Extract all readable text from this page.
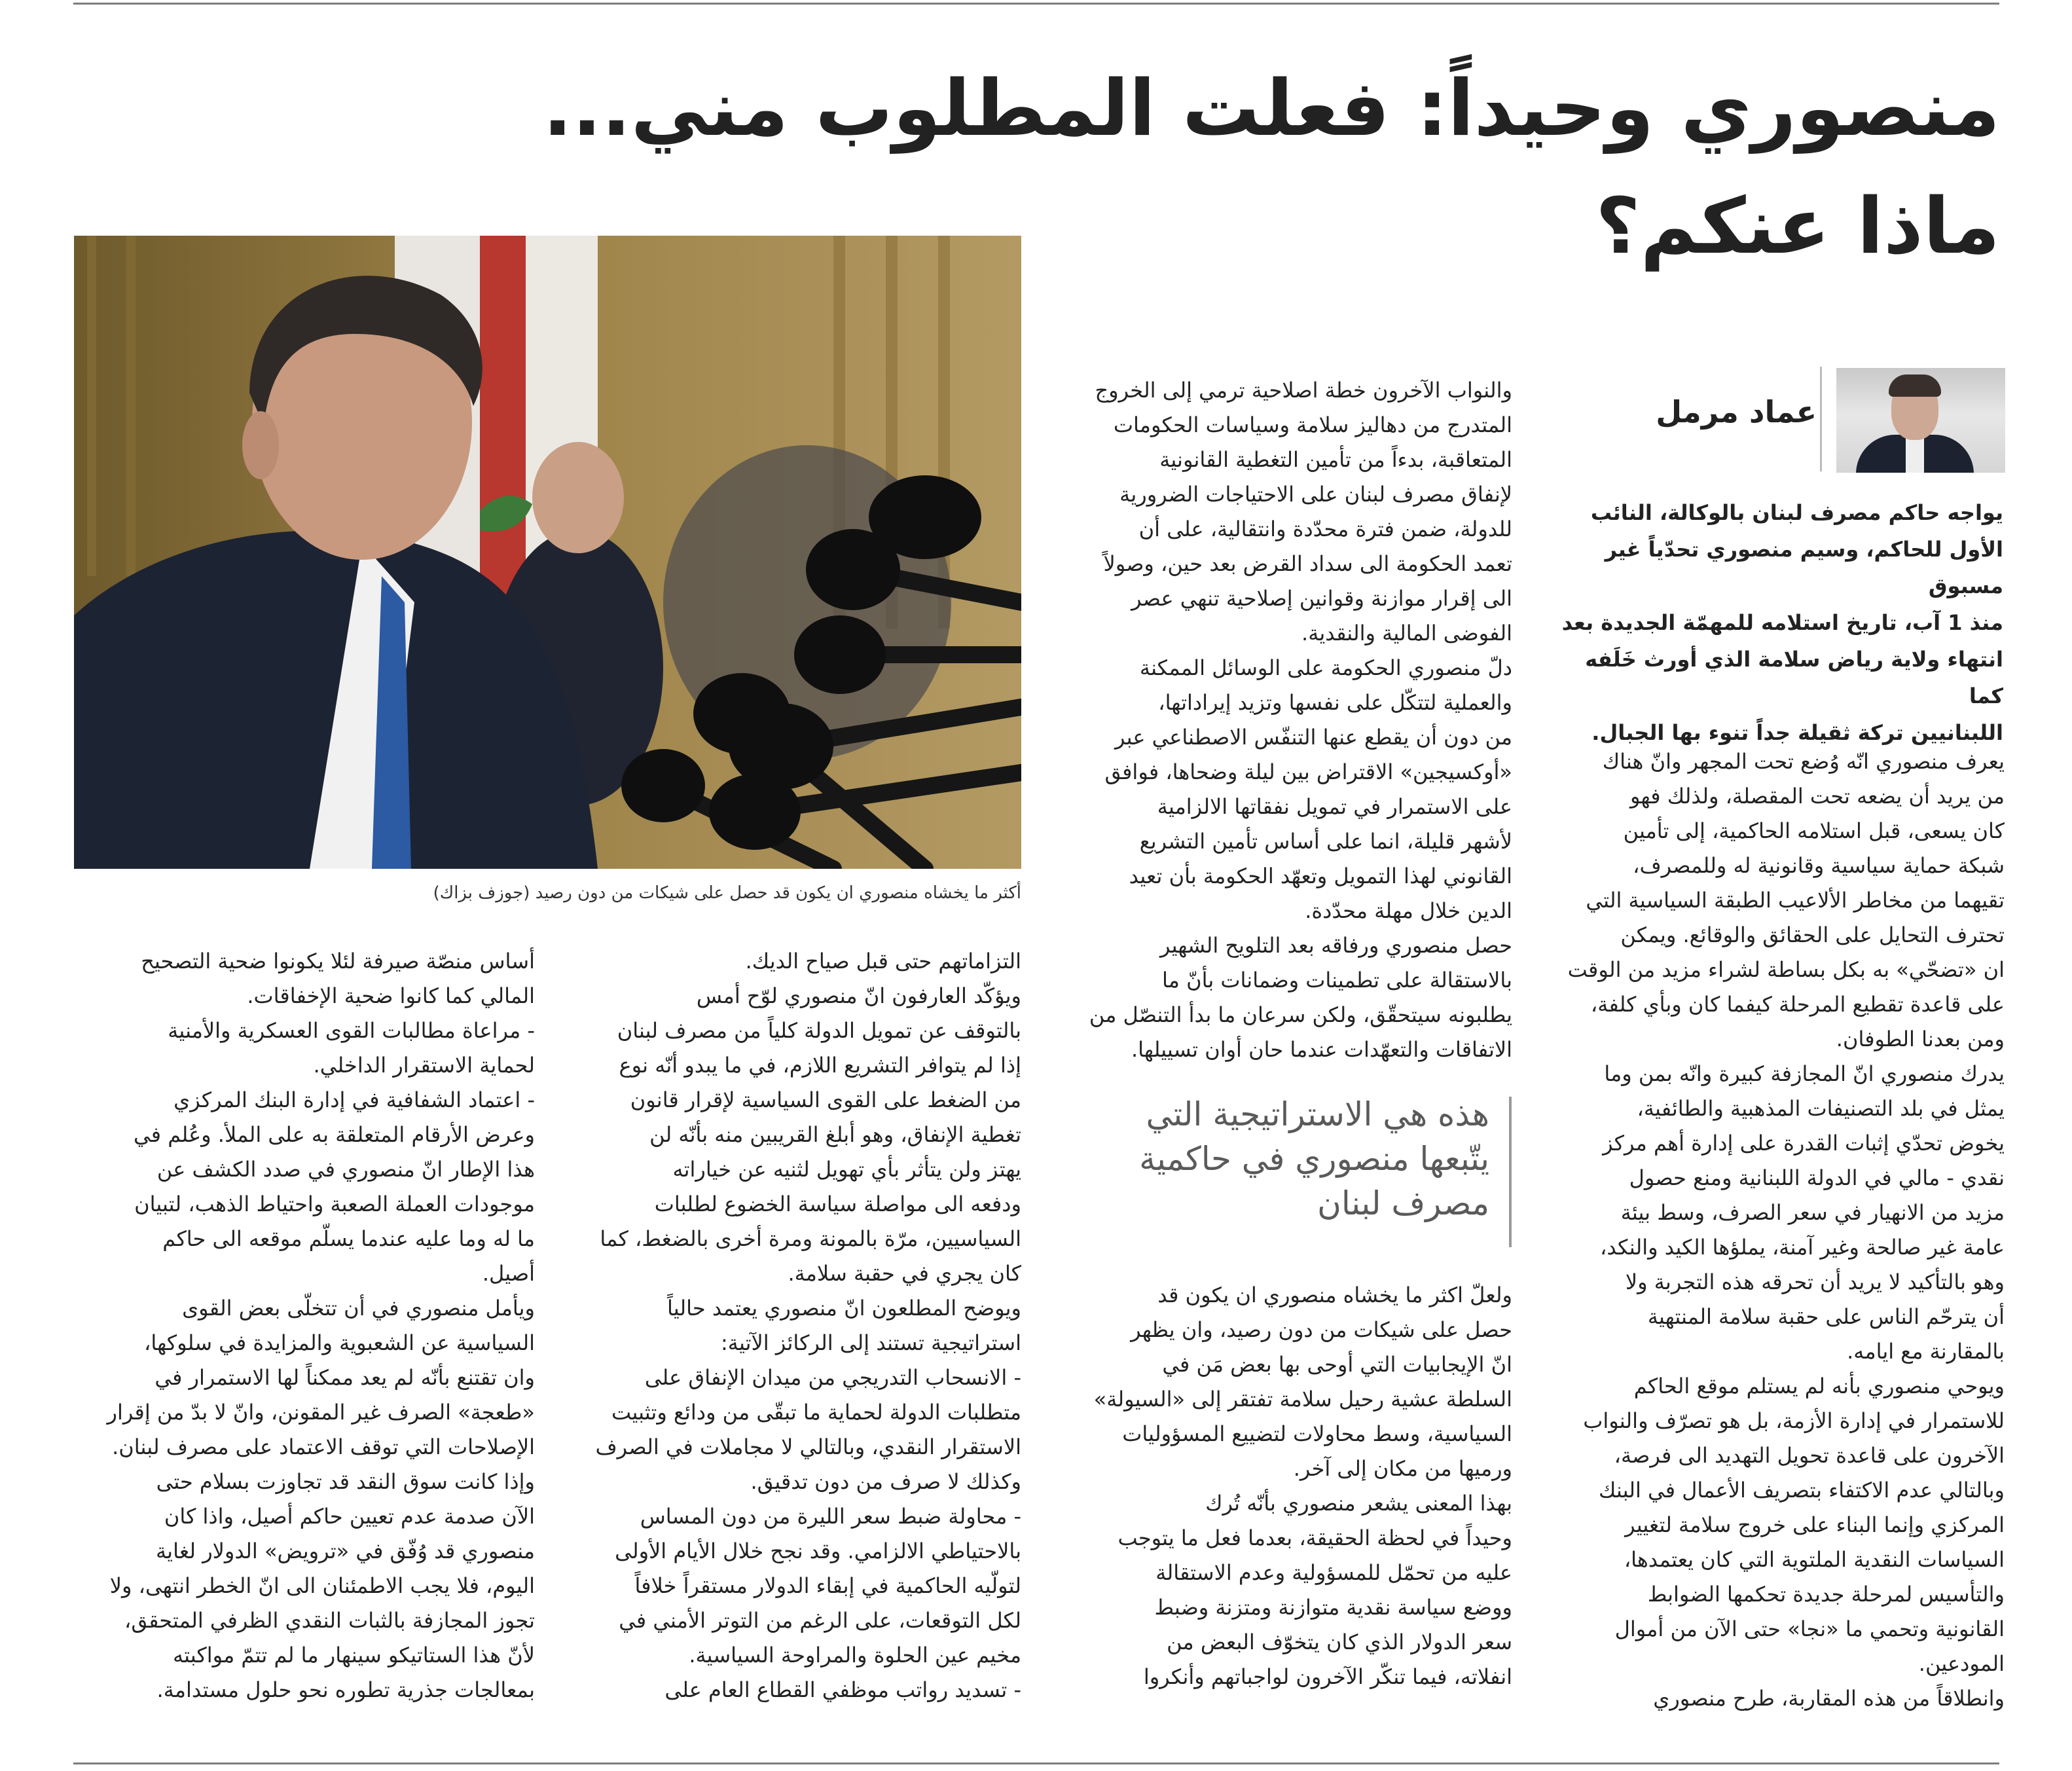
منصوري وحيداً: فعلت المطلوب مني...
ماذا عنكم؟
عماد مرمل

يواجه حاكم مصرف لبنان بالوكالة، النائب

الأول للحاكم، وسيم منصوري تحدّياً غير مسبوق

منذ 1 آب، تاريخ استلامه للمهمّة الجديدة بعد

انتهاء ولاية رياض سلامة الذي أورث خَلَفه كما

اللبنانيين تركة ثقيلة جداً تنوء بها الجبال.

يعرف منصوري انّه وُضع تحت المجهر وانّ هناك

من يريد أن يضعه تحت المقصلة، ولذلك فهو

كان يسعى، قبل استلامه الحاكمية، إلى تأمين

شبكة حماية سياسية وقانونية له وللمصرف،

تقيهما من مخاطر الألاعيب الطبقة السياسية التي

تحترف التحايل على الحقائق والوقائع. ويمكن

ان «تضحّي» به بكل بساطة لشراء مزيد من الوقت

على قاعدة تقطيع المرحلة كيفما كان وبأي كلفة،

ومن بعدنا الطوفان.

يدرك منصوري انّ المجازفة كبيرة وانّه بمن وما

يمثل في بلد التصنيفات المذهبية والطائفية،

يخوض تحدّي إثبات القدرة على إدارة أهم مركز

نقدي - مالي في الدولة اللبنانية ومنع حصول

مزيد من الانهيار في سعر الصرف، وسط بيئة

عامة غير صالحة وغير آمنة، يملؤها الكيد والنكد،

وهو بالتأكيد لا يريد أن تحرقه هذه التجربة ولا

أن يترحّم الناس على حقبة سلامة المنتهية

بالمقارنة مع ايامه.

ويوحي منصوري بأنه لم يستلم موقع الحاكم

للاستمرار في إدارة الأزمة، بل هو تصرّف والنواب

الآخرون على قاعدة تحويل التهديد الى فرصة،

وبالتالي عدم الاكتفاء بتصريف الأعمال في البنك

المركزي وإنما البناء على خروج سلامة لتغيير

السياسات النقدية الملتوية التي كان يعتمدها،

والتأسيس لمرحلة جديدة تحكمها الضوابط

القانونية وتحمي ما «نجا» حتى الآن من أموال

المودعين.

وانطلاقاً من هذه المقاربة، طرح منصوري

والنواب الآخرون خطة اصلاحية ترمي إلى الخروج

المتدرج من دهاليز سلامة وسياسات الحكومات

المتعاقبة، بدءاً من تأمين التغطية القانونية

لإنفاق مصرف لبنان على الاحتياجات الضرورية

للدولة، ضمن فترة محدّدة وانتقالية، على أن

تعمد الحكومة الى سداد القرض بعد حين، وصولاً

الى إقرار موازنة وقوانين إصلاحية تنهي عصر

الفوضى المالية والنقدية.

دلّ منصوري الحكومة على الوسائل الممكنة

والعملية لتتكّل على نفسها وتزيد إيراداتها،

من دون أن يقطع عنها التنفّس الاصطناعي عبر

«أوكسيجين» الاقتراض بين ليلة وضحاها، فوافق

على الاستمرار في تمويل نفقاتها الالزامية

لأشهر قليلة، انما على أساس تأمين التشريع

القانوني لهذا التمويل وتعهّد الحكومة بأن تعيد

الدين خلال مهلة محدّدة.

حصل منصوري ورفاقه بعد التلويح الشهير

بالاستقالة على تطمينات وضمانات بأنّ ما

يطلبونه سيتحقّق، ولكن سرعان ما بدأ التنصّل من

الاتفاقات والتعهّدات عندما حان أوان تسييلها.

هذه هي الاستراتيجية التي
يتّبعها منصوري في حاكمية
مصرف لبنان

ولعلّ اكثر ما يخشاه منصوري ان يكون قد

حصل على شيكات من دون رصيد، وان يظهر

انّ الإيجابيات التي أوحى بها بعض مَن في

السلطة عشية رحيل سلامة تفتقر إلى «السيولة»

السياسية، وسط محاولات لتضييع المسؤوليات

ورميها من مكان إلى آخر.

بهذا المعنى يشعر منصوري بأنّه تُرك

وحيداً في لحظة الحقيقة، بعدما فعل ما يتوجب

عليه من تحمّل للمسؤولية وعدم الاستقالة

ووضع سياسة نقدية متوازنة ومتزنة وضبط

سعر الدولار الذي كان يتخوّف البعض من

انفلاته، فيما تنكّر الآخرون لواجباتهم وأنكروا

أكثر ما يخشاه منصوري ان يكون قد حصل على شيكات من دون رصيد (جوزف بزاك)

التزاماتهم حتى قبل صياح الديك.

ويؤكّد العارفون انّ منصوري لوّح أمس

بالتوقف عن تمويل الدولة كلياً من مصرف لبنان

إذا لم يتوافر التشريع اللازم، في ما يبدو أنّه نوع

من الضغط على القوى السياسية لإقرار قانون

تغطية الإنفاق، وهو أبلغ القريبين منه بأنّه لن

يهتز ولن يتأثر بأي تهويل لثنيه عن خياراته

ودفعه الى مواصلة سياسة الخضوع لطلبات

السياسيين، مرّة بالمونة ومرة أخرى بالضغط، كما

كان يجري في حقبة سلامة.

ويوضح المطلعون انّ منصوري يعتمد حالياً

استراتيجية تستند إلى الركائز الآتية:

- الانسحاب التدريجي من ميدان الإنفاق على

متطلبات الدولة لحماية ما تبقّى من ودائع وتثبيت

الاستقرار النقدي، وبالتالي لا مجاملات في الصرف

وكذلك لا صرف من دون تدقيق.

- محاولة ضبط سعر الليرة من دون المساس

بالاحتياطي الالزامي. وقد نجح خلال الأيام الأولى

لتولّيه الحاكمية في إبقاء الدولار مستقراً خلافاً

لكل التوقعات، على الرغم من التوتر الأمني في

مخيم عين الحلوة والمراوحة السياسية.

- تسديد رواتب موظفي القطاع العام على

أساس منصّة صيرفة لئلا يكونوا ضحية التصحيح

المالي كما كانوا ضحية الإخفاقات.

- مراعاة مطالبات القوى العسكرية والأمنية

لحماية الاستقرار الداخلي.

- اعتماد الشفافية في إدارة البنك المركزي

وعرض الأرقام المتعلقة به على الملأ. وعُلم في

هذا الإطار انّ منصوري في صدد الكشف عن

موجودات العملة الصعبة واحتياط الذهب، لتبيان

ما له وما عليه عندما يسلّم موقعه الى حاكم

أصيل.

ويأمل منصوري في أن تتخلّى بعض القوى

السياسية عن الشعبوية والمزايدة في سلوكها،

وان تقتنع بأنّه لم يعد ممكناً لها الاستمرار في

«طعجة» الصرف غير المقونن، وانّ لا بدّ من إقرار

الإصلاحات التي توقف الاعتماد على مصرف لبنان.

وإذا كانت سوق النقد قد تجاوزت بسلام حتى

الآن صدمة عدم تعيين حاكم أصيل، واذا كان

منصوري قد وُفّق في «ترويض» الدولار لغاية

اليوم، فلا يجب الاطمئنان الى انّ الخطر انتهى، ولا

تجوز المجازفة بالثبات النقدي الظرفي المتحقق،

لأنّ هذا الستاتيكو سينهار ما لم تتمّ مواكبته

بمعالجات جذرية تطوره نحو حلول مستدامة.
